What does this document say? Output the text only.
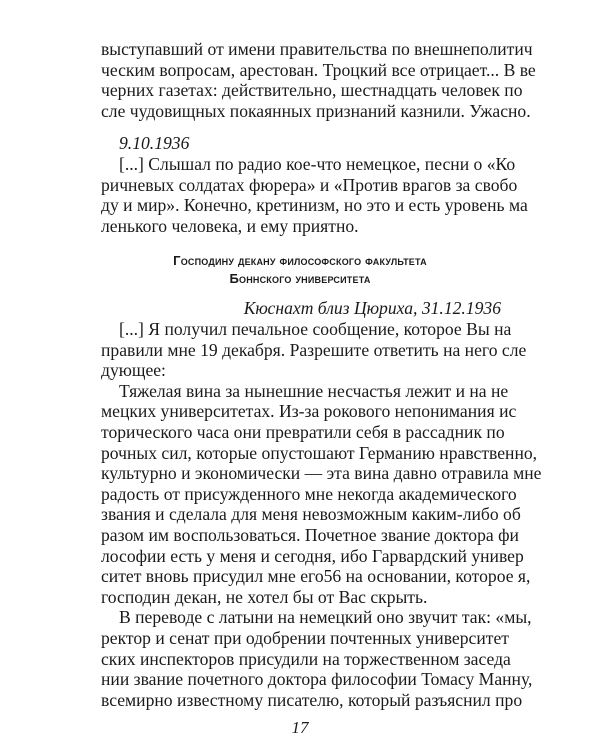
выступавший от имени правительства по внешнеполитич
ческим вопросам, арестован. Троцкий все отрицает... В ве
черних газетах: действительно, шестнадцать человек по
сле чудовищных покаянных признаний казнили. Ужасно.
9.10.1936
[...] Слышал по радио кое-что немецкое, песни о «Ко
ричневых солдатах фюрера» и «Против врагов за свобо
ду и мир». Конечно, кретинизм, но это и есть уровень ма
ленького человека, и ему приятно.
Господину декану философского факультета
Боннского университета
Кюснахт близ Цюриха, 31.12.1936
[...] Я получил печальное сообщение, которое Вы на
правили мне 19 декабря. Разрешите ответить на него сле
дующее:
Тяжелая вина за нынешние несчастья лежит и на не
мецких университетах. Из-за рокового непонимания ис
торического часа они превратили себя в рассадник по
рочных сил, которые опустошают Германию нравственно,
культурно и экономически — эта вина давно отравила мне
радость от присужденного мне некогда академического
звания и сделала для меня невозможным каким-либо об
разом им воспользоваться. Почетное звание доктора фи
лософии есть у меня и сегодня, ибо Гарвардский универ
ситет вновь присудил мне его56 на основании, которое я,
господин декан, не хотел бы от Вас скрыть.
В переводе с латыни на немецкий оно звучит так: «мы,
ректор и сенат при одобрении почтенных университет
ских инспекторов присудили на торжественном заседа
нии звание почетного доктора философии Томасу Манну,
всемирно известному писателю, который разъяснил про
17
